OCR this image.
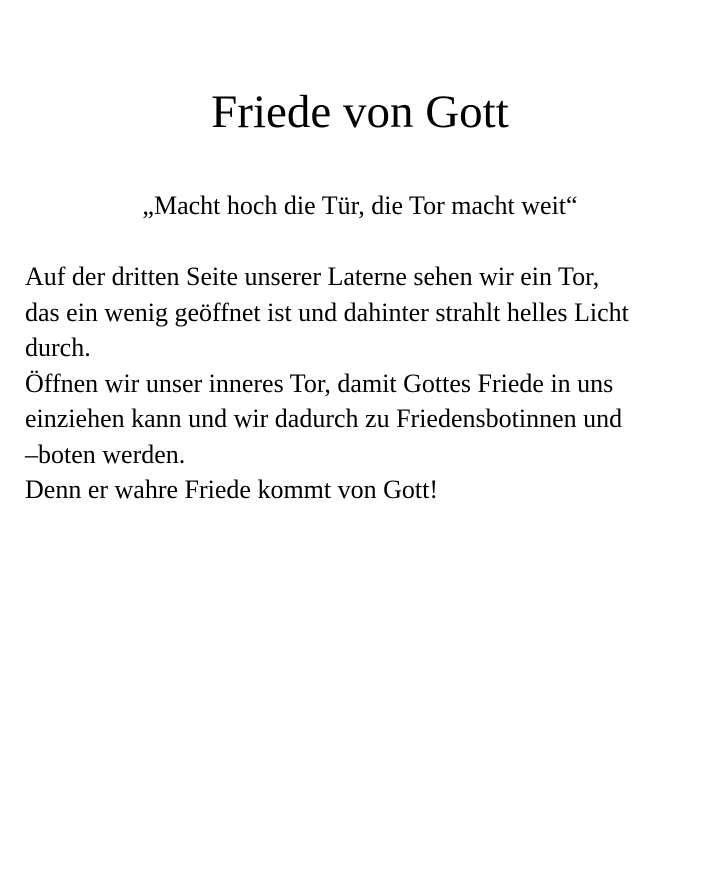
Friede von Gott

„Macht hoch die Tür, die Tor macht weit“

Auf der dritten Seite unserer Laterne sehen wir ein Tor,
das ein wenig geöffnet ist und dahinter strahlt helles Licht
durch.
Öffnen wir unser inneres Tor, damit Gottes Friede in uns
einziehen kann und wir dadurch zu Friedensbotinnen und
–boten werden.
Denn er wahre Friede kommt von Gott!
